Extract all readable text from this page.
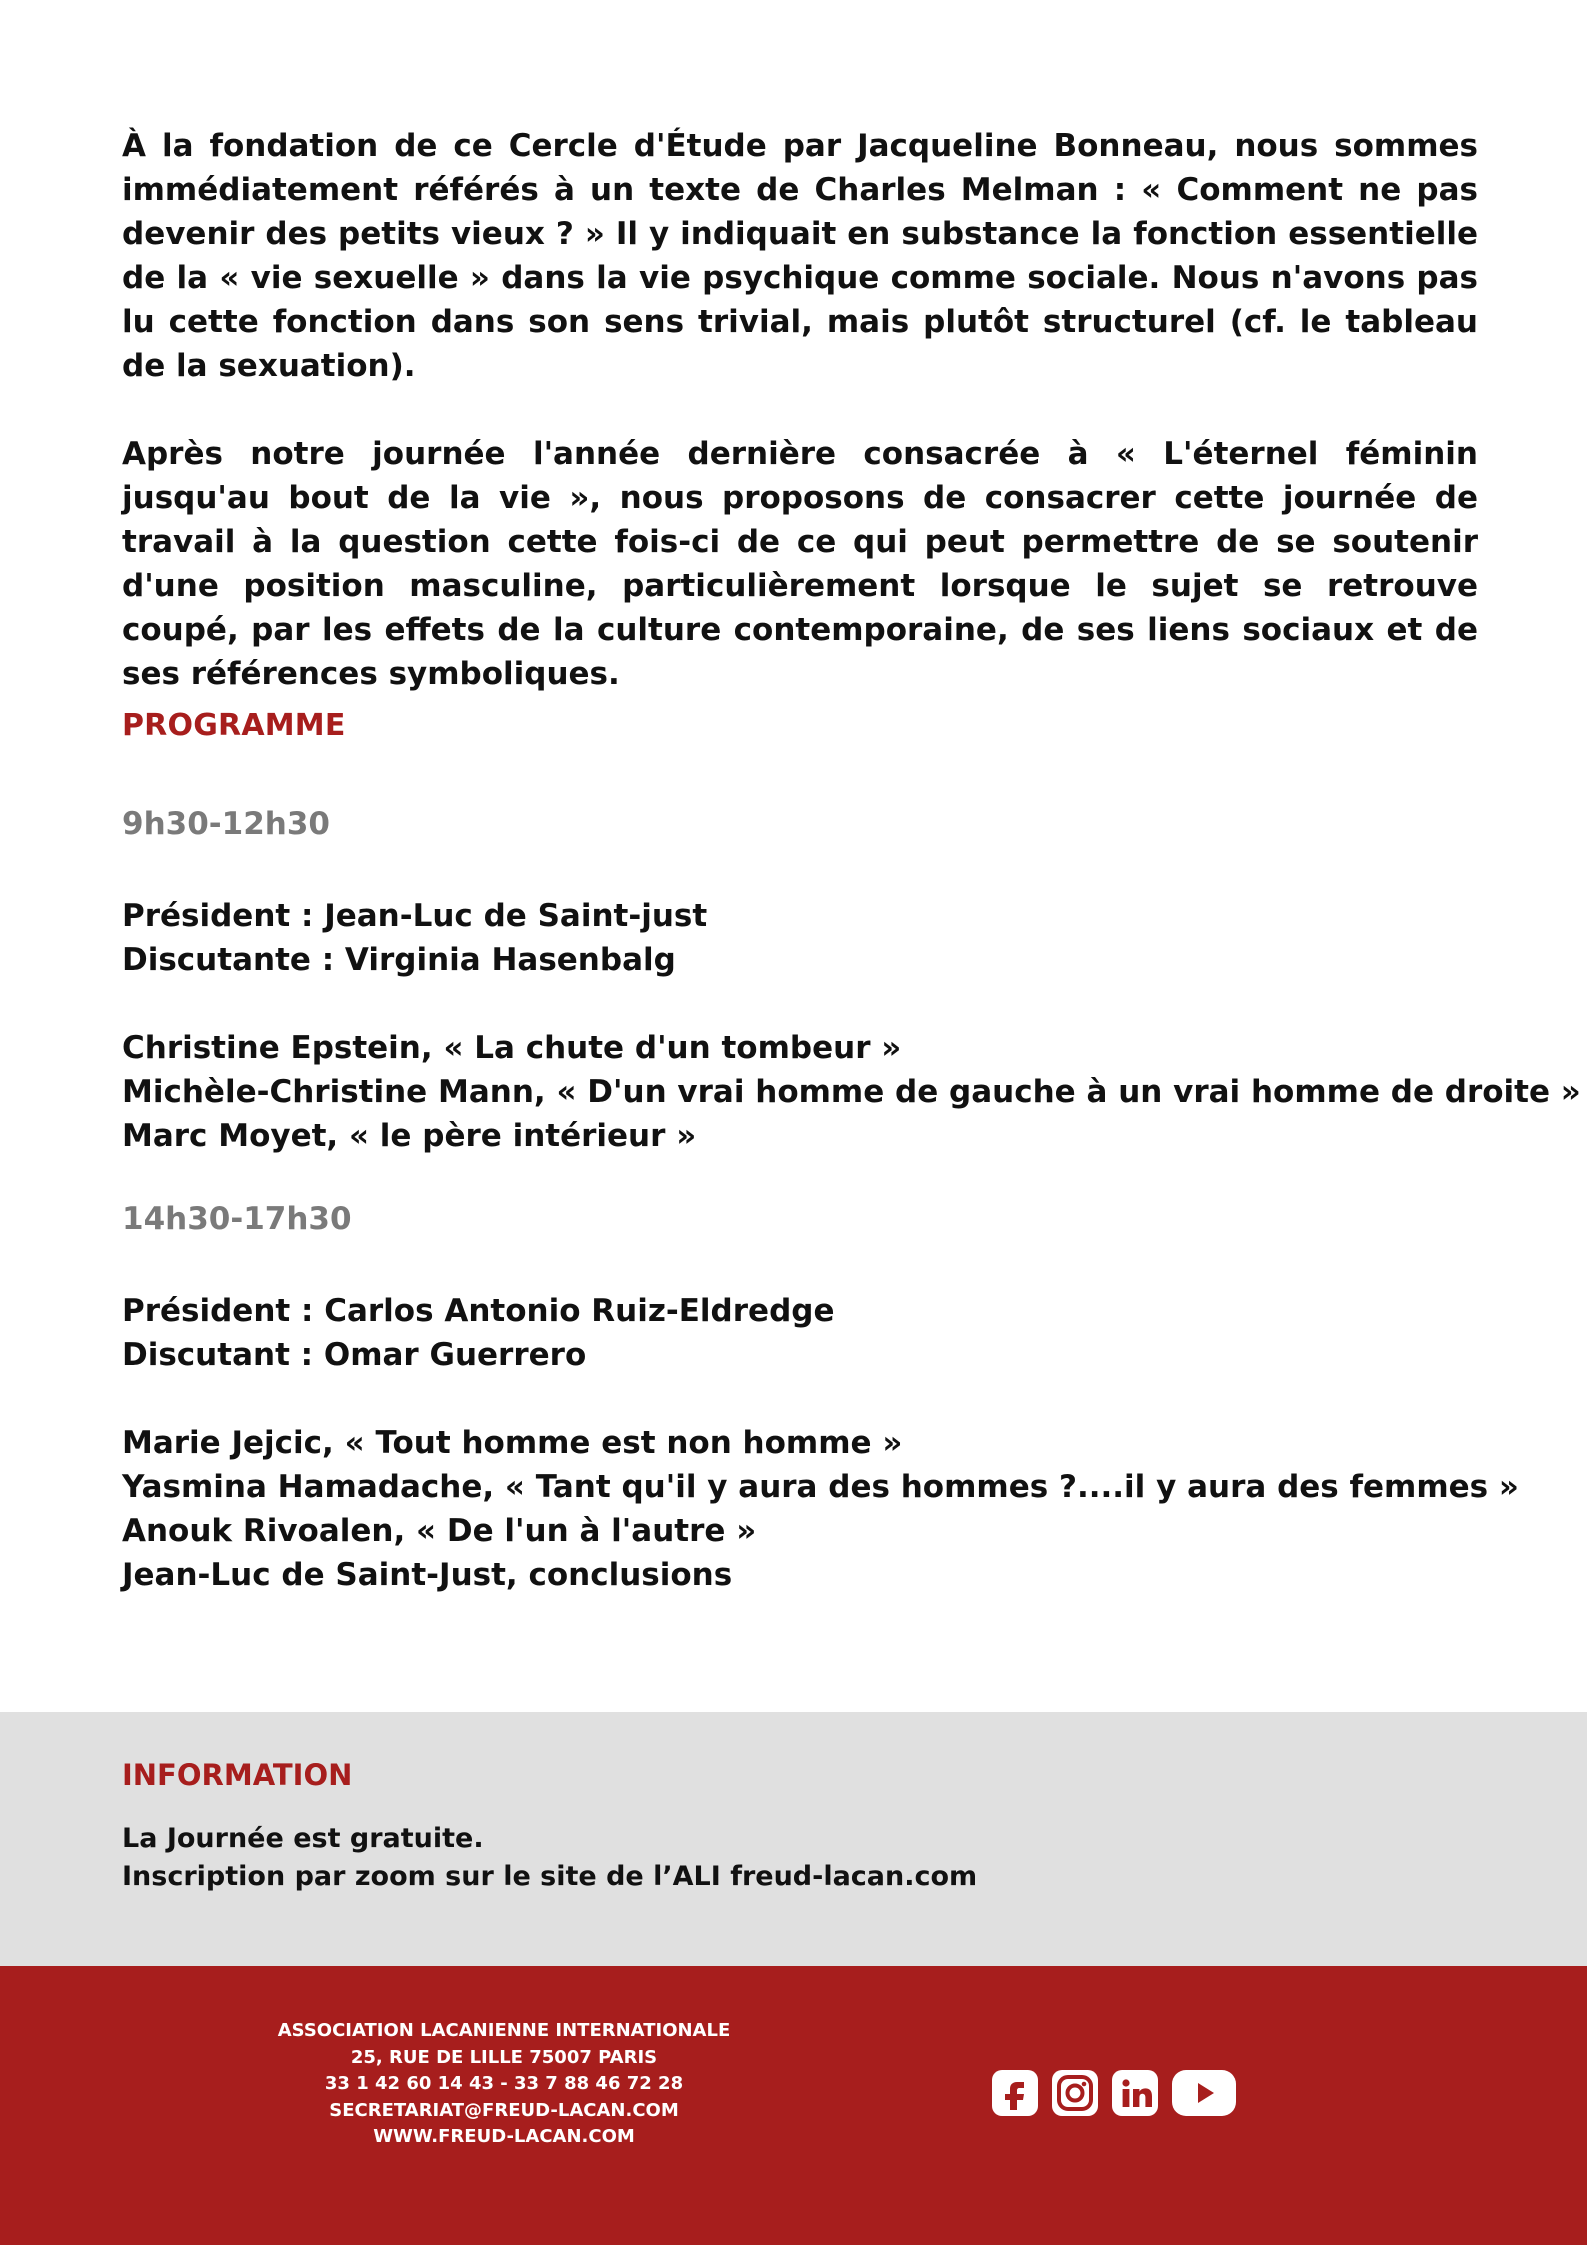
À la fondation de ce Cercle d'Étude par Jacqueline Bonneau, nous sommes immédiatement référés à un texte de Charles Melman : « Comment ne pas devenir des petits vieux ? » Il y indiquait en substance la fonction essentielle de la « vie sexuelle » dans la vie psychique comme sociale. Nous n'avons pas lu cette fonction dans son sens trivial, mais plutôt structurel (cf. le tableau de la sexuation).

Après notre journée l'année dernière consacrée à « L'éternel féminin jusqu'au bout de la vie », nous proposons de consacrer cette journée de travail à la question cette fois-ci de ce qui peut permettre de se soutenir d'une position masculine, particulièrement lorsque le sujet se retrouve coupé, par les effets de la culture contemporaine, de ses liens sociaux et de ses références symboliques.

PROGRAMME
9h30-12h30
Président : Jean-Luc de Saint-just
Discutante : Virginia Hasenbalg
Christine Epstein, « La chute d'un tombeur »
Michèle-Christine Mann, « D'un vrai homme de gauche à un vrai homme de droite »
Marc Moyet, « le père intérieur »
14h30-17h30
Président : Carlos Antonio Ruiz-Eldredge
Discutant : Omar Guerrero
Marie Jejcic, « Tout homme est non homme »
Yasmina Hamadache, « Tant qu'il y aura des hommes ?....il y aura des femmes »
Anouk Rivoalen, « De l'un à l'autre »
Jean-Luc de Saint-Just, conclusions
INFORMATION
La Journée est gratuite.
Inscription par zoom sur le site de l’ALI freud-lacan.com
ASSOCIATION LACANIENNE INTERNATIONALE
25, RUE DE LILLE 75007 PARIS
33 1 42 60 14 43 - 33 7 88 46 72 28
SECRETARIAT@FREUD-LACAN.COM
WWW.FREUD-LACAN.COM
